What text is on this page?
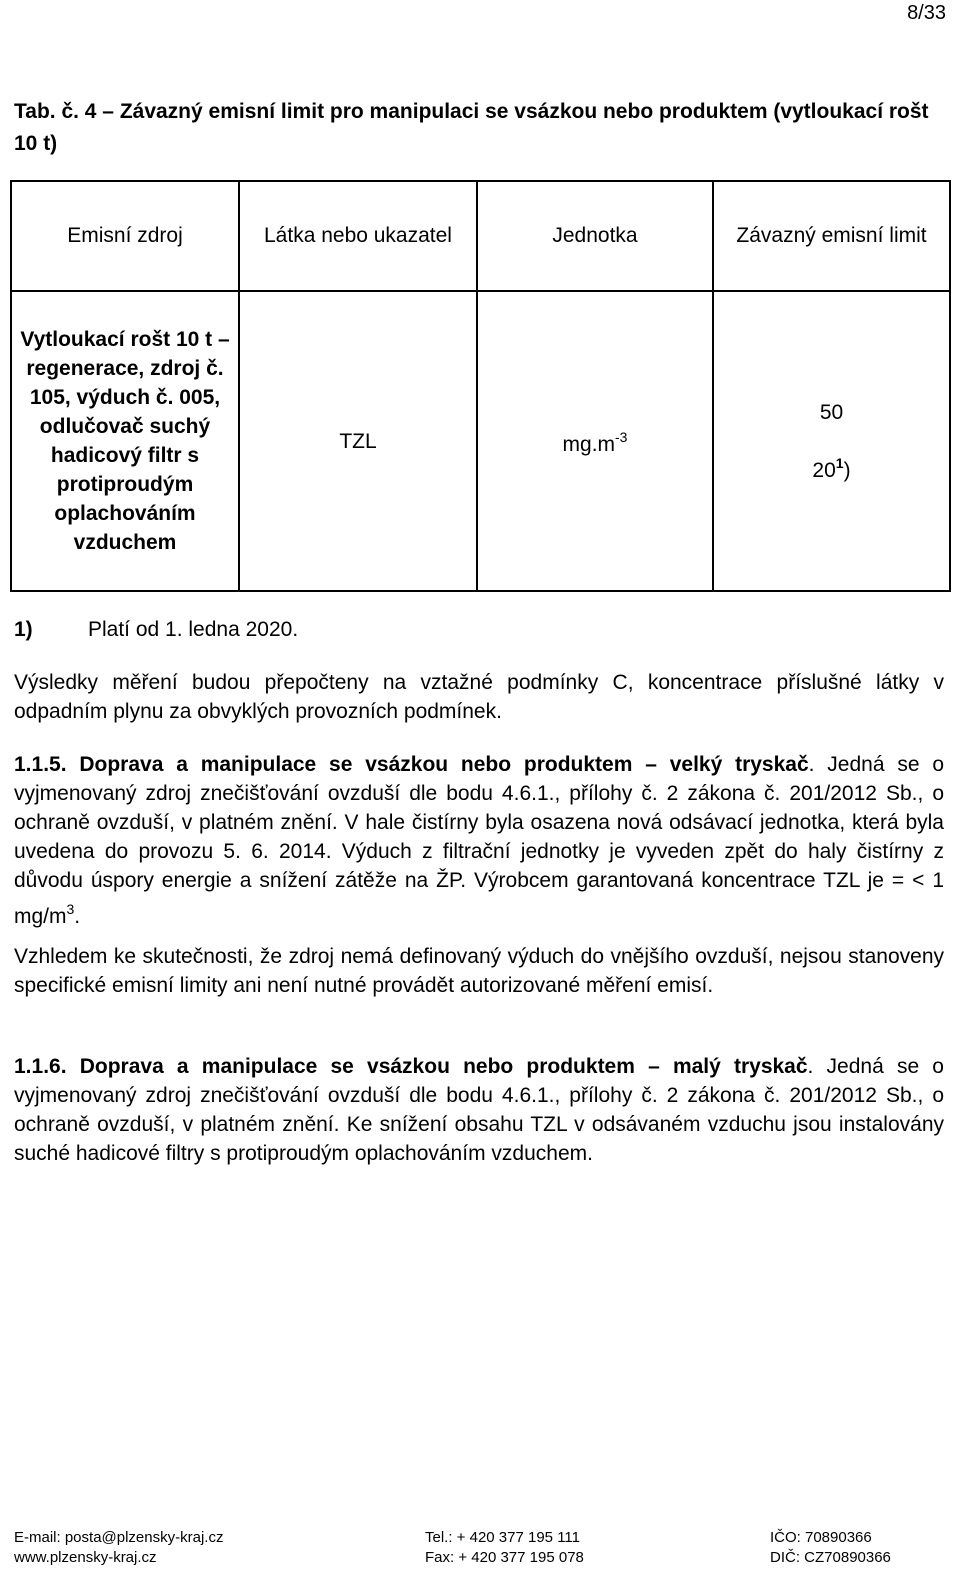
8/33
Tab. č. 4 – Závazný emisní limit pro manipulaci se vsázkou nebo produktem (vytloukací rošt 10 t)
Emisní zdroj	Látka nebo ukazatel	Jednotka	Závazný emisní limit
Vytloukací rošt 10 t – regenerace, zdroj č. 105, výduch č. 005, odlučovač suchý hadicový filtr s protiproudým oplachováním vzduchem	TZL	$mg.m^{-3}$	50
$20^1$)
1)	Platí od 1. ledna 2020.

Výsledky měření budou přepočteny na vztažné podmínky C, koncentrace příslušné látky v odpadním plynu za obvyklých provozních podmínek.

1.1.5. Doprava a manipulace se vsázkou nebo produktem – velký tryskač. Jedná se o vyjmenovaný zdroj znečišťování ovzduší dle bodu 4.6.1., přílohy č. 2 zákona č. 201/2012 Sb., o ochraně ovzduší, v platném znění. V hale čistírny byla osazena nová odsávací jednotka, která byla uvedena do provozu 5. 6. 2014. Výduch z filtrační jednotky je vyveden zpět do haly čistírny z důvodu úspory energie a snížení zátěže na ŽP. Výrobcem garantovaná koncentrace TZL je = < 1 $mg/m^3$.

Vzhledem ke skutečnosti, že zdroj nemá definovaný výduch do vnějšího ovzduší, nejsou stanoveny specifické emisní limity ani není nutné provádět autorizované měření emisí.

1.1.6. Doprava a manipulace se vsázkou nebo produktem – malý tryskač. Jedná se o vyjmenovaný zdroj znečišťování ovzduší dle bodu 4.6.1., přílohy č. 2 zákona č. 201/2012 Sb., o ochraně ovzduší, v platném znění. Ke snížení obsahu TZL v odsávaném vzduchu jsou instalovány suché hadicové filtry s protiproudým oplachováním vzduchem.

E-mail: posta@plzensky-kraj.cz
www.plzensky-kraj.cz
Tel.: + 420 377 195 111
Fax: + 420 377 195 078
IČO: 70890366
DIČ: CZ70890366
